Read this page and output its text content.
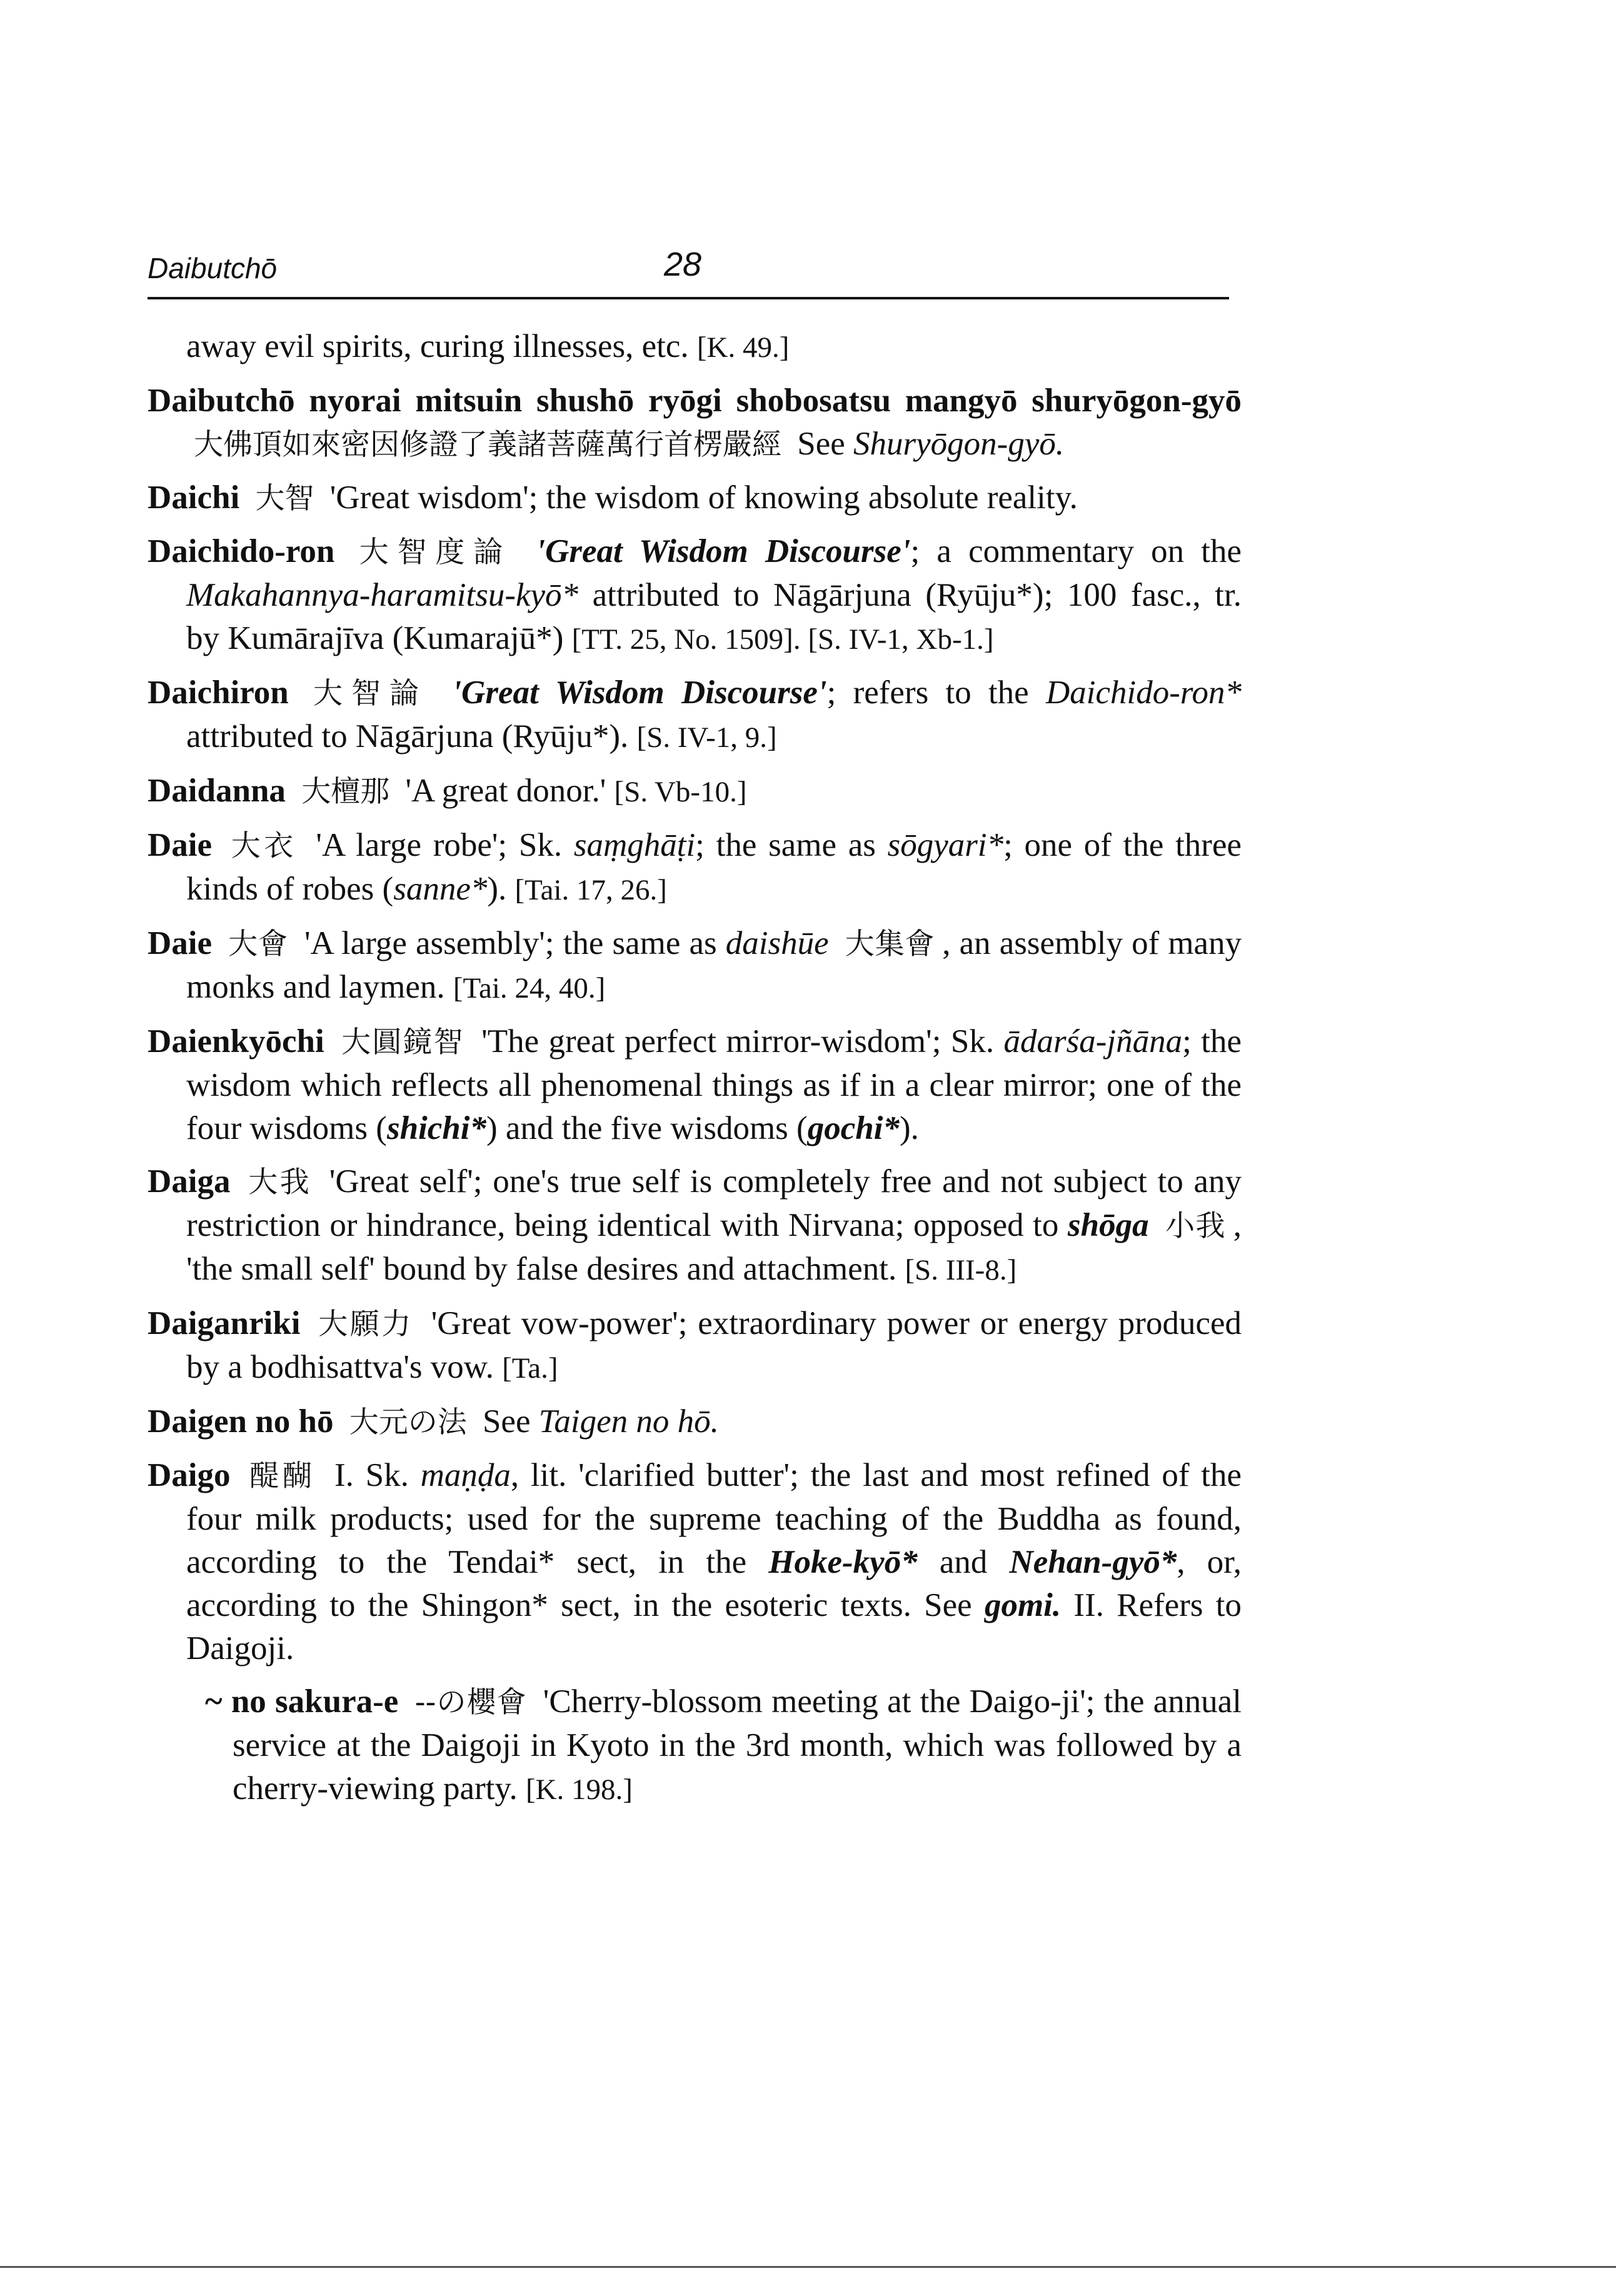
Daibutchō	28

away evil spirits, curing illnesses, etc. [K. 49.]

Daibutchō nyorai mitsuin shushō ryōgi shobosatsu mangyō shuryōgon-gyō 大佛頂如來密因修證了義諸菩薩萬行首楞嚴經 See Shuryōgon-gyō.

Daichi 大智 'Great wisdom'; the wisdom of knowing absolute reality.

Daichido-ron 大智度論 'Great Wisdom Discourse'; a commentary on the Makahannya-haramitsu-kyō* attributed to Nāgārjuna (Ryūju*); 100 fasc., tr. by Kumārajīva (Kumarajū*) [TT. 25, No. 1509]. [S. IV-1, Xb-1.]

Daichiron 大智論 'Great Wisdom Discourse'; refers to the Daichido-ron* attributed to Nāgārjuna (Ryūju*). [S. IV-1, 9.]

Daidanna 大檀那 'A great donor.' [S. Vb-10.]

Daie 大衣 'A large robe'; Sk. saṃghāṭi; the same as sōgyari*; one of the three kinds of robes (sanne*). [Tai. 17, 26.]

Daie 大會 'A large assembly'; the same as daishūe 大集會 , an assembly of many monks and laymen. [Tai. 24, 40.]

Daienkyōchi 大圓鏡智 'The great perfect mirror-wisdom'; Sk. ādarśa-jñāna; the wisdom which reflects all phenomenal things as if in a clear mirror; one of the four wisdoms (shichi*) and the five wisdoms (gochi*).

Daiga 大我 'Great self'; one's true self is completely free and not subject to any restriction or hindrance, being identical with Nirvana; opposed to shōga 小我 , 'the small self' bound by false desires and attachment. [S. III-8.]

Daiganriki 大願力 'Great vow-power'; extraordinary power or energy produced by a bodhisattva's vow. [Ta.]

Daigen no hō 大元の法 See Taigen no hō.

Daigo 醍醐 I. Sk. maṇḍa, lit. 'clarified butter'; the last and most refined of the four milk products; used for the supreme teaching of the Buddha as found, according to the Tendai* sect, in the Hoke-kyō* and Nehan-gyō*, or, according to the Shingon* sect, in the esoteric texts. See gomi. II. Refers to Daigoji.

~ no sakura-e --の櫻會 'Cherry-blossom meeting at the Daigo-ji'; the annual service at the Daigoji in Kyoto in the 3rd month, which was followed by a cherry-viewing party. [K. 198.]
